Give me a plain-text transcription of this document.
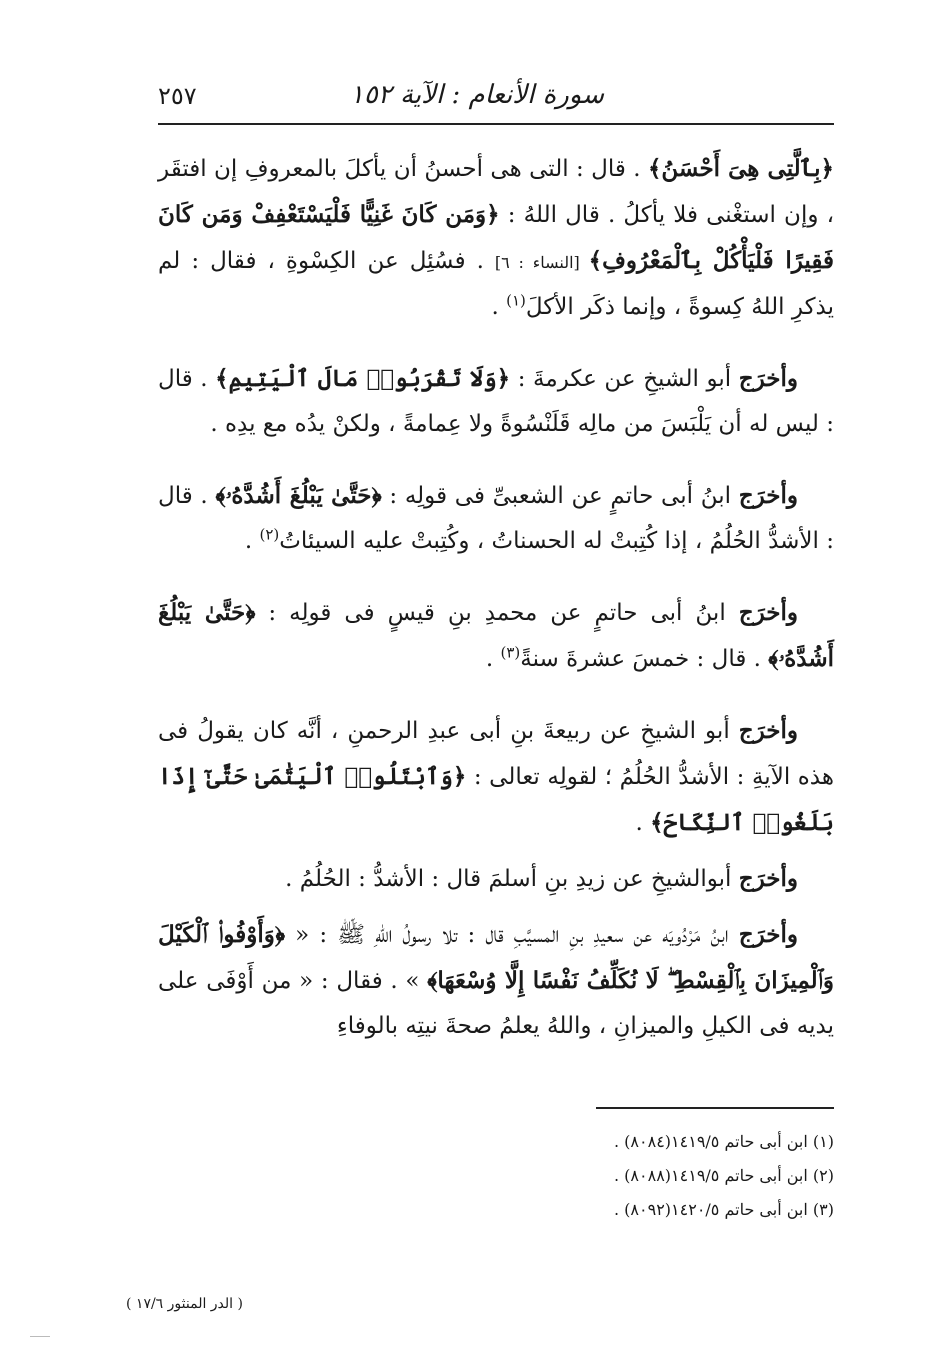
سورة الأنعام : الآية ١٥٢
٢٥٧

﴿بِٱلَّتِى هِىَ أَحْسَنُ﴾ . قال : التى هى أحسنُ أن يأكلَ بالمعروفِ إن افتقَر ، وإن استغْنى فلا يأكلُ . قال اللهُ : ﴿وَمَن كَانَ غَنِيًّا فَلْيَسْتَعْفِفْ وَمَن كَانَ فَقِيرًا فَلْيَأْكُلْ بِٱلْمَعْرُوفِ﴾ [النساء : ٦] . فسُئِل عن الكِسْوةِ ، فقال : لم يذكرِ اللهُ كِسوةً ، وإنما ذكَر الأكلَ$^{(١)}$ .

وأخرَج أبو الشيخِ عن عكرمةَ : ﴿وَلَا تَقْرَبُوا۟ مَالَ ٱلْيَتِيمِ﴾ . قال : ليس له أن يَلْبَسَ من مالِه قَلَنْسُوةً ولا عِمامةً ، ولكنْ يدُه مع يدِه .

وأخرَج ابنُ أبى حاتمٍ عن الشعبىِّ فى قولِه : ﴿حَتَّىٰ يَبْلُغَ أَشُدَّهُۥ﴾ . قال : الأشدُّ الحُلُمُ ، إذا كُتِبتْ له الحسناتُ ، وكُتِبتْ عليه السيئاتُ$^{(٢)}$ .

وأخرَج ابنُ أبى حاتمٍ عن محمدِ بنِ قيسٍ فى قولِه : ﴿حَتَّىٰ يَبْلُغَ أَشُدَّهُۥ﴾ . قال : خمسَ عشرةَ سنةً$^{(٣)}$ .

وأخرَج أبو الشيخِ عن ربيعةَ بنِ أبى عبدِ الرحمنِ ، أنَّه كان يقولُ فى هذه الآيةِ : الأشدُّ الحُلُمُ ؛ لقولِه تعالى : ﴿وَٱبْتَلُوا۟ ٱلْيَتَٰمَىٰ حَتَّىٰٓ إِذَا بَلَغُوا۟ ٱلنِّكَاحَ﴾ .

وأخرَج أبوالشيخِ عن زيدِ بنِ أسلمَ قال : الأشدُّ : الحُلُمُ .

وأخرَج ابنُ مَرْدُويَه عن سعيدِ بنِ المسيَّبِ قال : تلا رسولُ اللهِ ﷺ : « ﴿وَأَوْفُوا۟ ٱلْكَيْلَ وَٱلْمِيزَانَ بِٱلْقِسْطِ ۖ لَا نُكَلِّفُ نَفْسًا إِلَّا وُسْعَهَا﴾ » . فقال : « من أَوْفَى على يديه فى الكيلِ والميزانِ ، واللهُ يعلمُ صحةَ نيتِه بالوفاءِ

(١) ابن أبى حاتم ١٤١٩/٥(٨٠٨٤) .

(٢) ابن أبى حاتم ١٤١٩/٥(٨٠٨٨) .

(٣) ابن أبى حاتم ١٤٢٠/٥(٨٠٩٢) .

( الدر المنثور ١٧/٦ )
